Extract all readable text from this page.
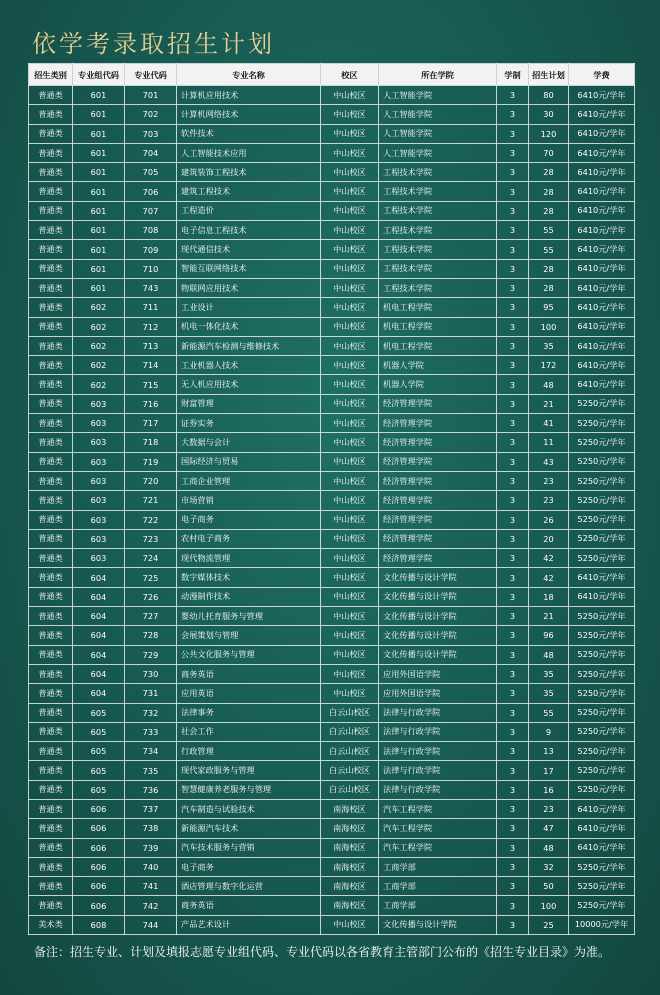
依学考录取招生计划
招生类别	专业组代码	专业代码	专业名称	校区	所在学院	学制	招生计划	学费
普通类	601	701	计算机应用技术	中山校区	人工智能学院	3	80	6410元/学年
普通类	601	702	计算机网络技术	中山校区	人工智能学院	3	30	6410元/学年
普通类	601	703	软件技术	中山校区	人工智能学院	3	120	6410元/学年
普通类	601	704	人工智能技术应用	中山校区	人工智能学院	3	70	6410元/学年
普通类	601	705	建筑装饰工程技术	中山校区	工程技术学院	3	28	6410元/学年
普通类	601	706	建筑工程技术	中山校区	工程技术学院	3	28	6410元/学年
普通类	601	707	工程造价	中山校区	工程技术学院	3	28	6410元/学年
普通类	601	708	电子信息工程技术	中山校区	工程技术学院	3	55	6410元/学年
普通类	601	709	现代通信技术	中山校区	工程技术学院	3	55	6410元/学年
普通类	601	710	智能互联网络技术	中山校区	工程技术学院	3	28	6410元/学年
普通类	601	743	物联网应用技术	中山校区	工程技术学院	3	28	6410元/学年
普通类	602	711	工业设计	中山校区	机电工程学院	3	95	6410元/学年
普通类	602	712	机电一体化技术	中山校区	机电工程学院	3	100	6410元/学年
普通类	602	713	新能源汽车检测与维修技术	中山校区	机电工程学院	3	35	6410元/学年
普通类	602	714	工业机器人技术	中山校区	机器人学院	3	172	6410元/学年
普通类	602	715	无人机应用技术	中山校区	机器人学院	3	48	6410元/学年
普通类	603	716	财富管理	中山校区	经济管理学院	3	21	5250元/学年
普通类	603	717	证券实务	中山校区	经济管理学院	3	41	5250元/学年
普通类	603	718	大数据与会计	中山校区	经济管理学院	3	11	5250元/学年
普通类	603	719	国际经济与贸易	中山校区	经济管理学院	3	43	5250元/学年
普通类	603	720	工商企业管理	中山校区	经济管理学院	3	23	5250元/学年
普通类	603	721	市场营销	中山校区	经济管理学院	3	23	5250元/学年
普通类	603	722	电子商务	中山校区	经济管理学院	3	26	5250元/学年
普通类	603	723	农村电子商务	中山校区	经济管理学院	3	20	5250元/学年
普通类	603	724	现代物流管理	中山校区	经济管理学院	3	42	5250元/学年
普通类	604	725	数字媒体技术	中山校区	文化传播与设计学院	3	42	6410元/学年
普通类	604	726	动漫制作技术	中山校区	文化传播与设计学院	3	18	6410元/学年
普通类	604	727	婴幼儿托育服务与管理	中山校区	文化传播与设计学院	3	21	5250元/学年
普通类	604	728	会展策划与管理	中山校区	文化传播与设计学院	3	96	5250元/学年
普通类	604	729	公共文化服务与管理	中山校区	文化传播与设计学院	3	48	5250元/学年
普通类	604	730	商务英语	中山校区	应用外国语学院	3	35	5250元/学年
普通类	604	731	应用英语	中山校区	应用外国语学院	3	35	5250元/学年
普通类	605	732	法律事务	白云山校区	法律与行政学院	3	55	5250元/学年
普通类	605	733	社会工作	白云山校区	法律与行政学院	3	9	5250元/学年
普通类	605	734	行政管理	白云山校区	法律与行政学院	3	13	5250元/学年
普通类	605	735	现代家政服务与管理	白云山校区	法律与行政学院	3	17	5250元/学年
普通类	605	736	智慧健康养老服务与管理	白云山校区	法律与行政学院	3	16	5250元/学年
普通类	606	737	汽车制造与试验技术	南海校区	汽车工程学院	3	23	6410元/学年
普通类	606	738	新能源汽车技术	南海校区	汽车工程学院	3	47	6410元/学年
普通类	606	739	汽车技术服务与营销	南海校区	汽车工程学院	3	48	6410元/学年
普通类	606	740	电子商务	南海校区	工商学部	3	32	5250元/学年
普通类	606	741	酒店管理与数字化运营	南海校区	工商学部	3	50	5250元/学年
普通类	606	742	商务英语	南海校区	工商学部	3	100	5250元/学年
美术类	608	744	产品艺术设计	中山校区	文化传播与设计学院	3	25	10000元/学年
备注：招生专业、计划及填报志愿专业组代码、专业代码以各省教育主管部门公布的《招生专业目录》为准。
